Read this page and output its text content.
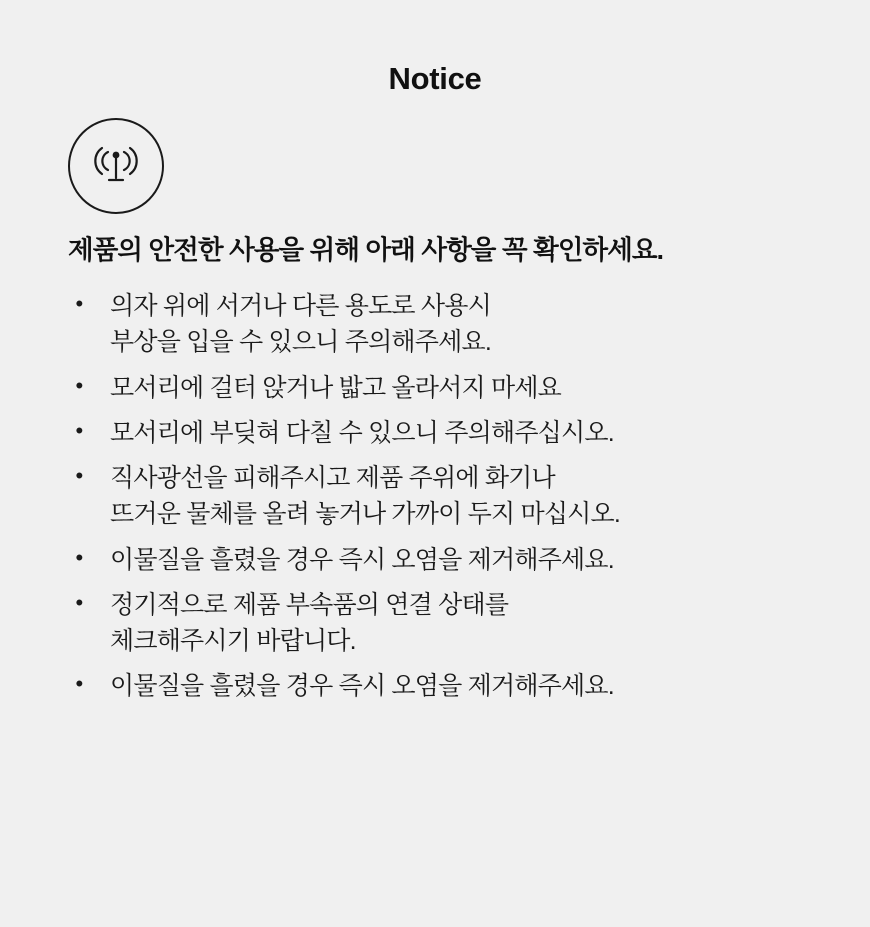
Notice
제품의 안전한 사용을 위해 아래 사항을 꼭 확인하세요.
• 의자 위에 서거나 다른 용도로 사용시
부상을 입을 수 있으니 주의해주세요.
• 모서리에 걸터 앉거나 밟고 올라서지 마세요
• 모서리에 부딪혀 다칠 수 있으니 주의해주십시오.
• 직사광선을 피해주시고 제품 주위에 화기나
뜨거운 물체를 올려 놓거나 가까이 두지 마십시오.
• 이물질을 흘렸을 경우 즉시 오염을 제거해주세요.
• 정기적으로 제품 부속품의 연결 상태를
체크해주시기 바랍니다.
• 이물질을 흘렸을 경우 즉시 오염을 제거해주세요.
